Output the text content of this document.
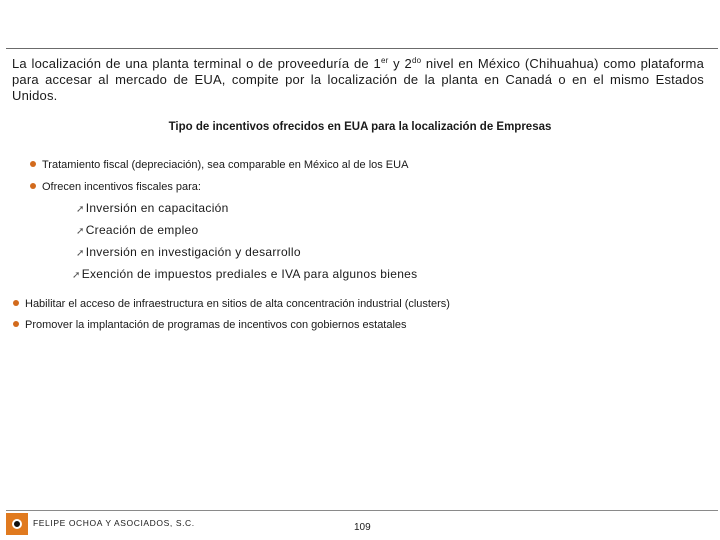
La localización de una planta terminal o de proveeduría de 1er y $2^{do}$ nivel en México (Chihuahua) como plataforma para accesar al mercado de EUA, compite por la localización de la planta en Canadá o en el mismo Estados Unidos.
Tipo de incentivos ofrecidos en EUA para la localización de Empresas
Tratamiento fiscal (depreciación), sea comparable en México al de los EUA
Ofrecen incentivos fiscales para:
➚Inversión en capacitación
➚Creación de empleo
➚Inversión en investigación y desarrollo
➚Exención de impuestos prediales e IVA para algunos bienes
Habilitar el acceso de infraestructura en sitios de alta concentración industrial (clusters)
Promover la implantación de programas de incentivos con gobiernos estatales
FELIPE OCHOA Y ASOCIADOS, S.C.	109
